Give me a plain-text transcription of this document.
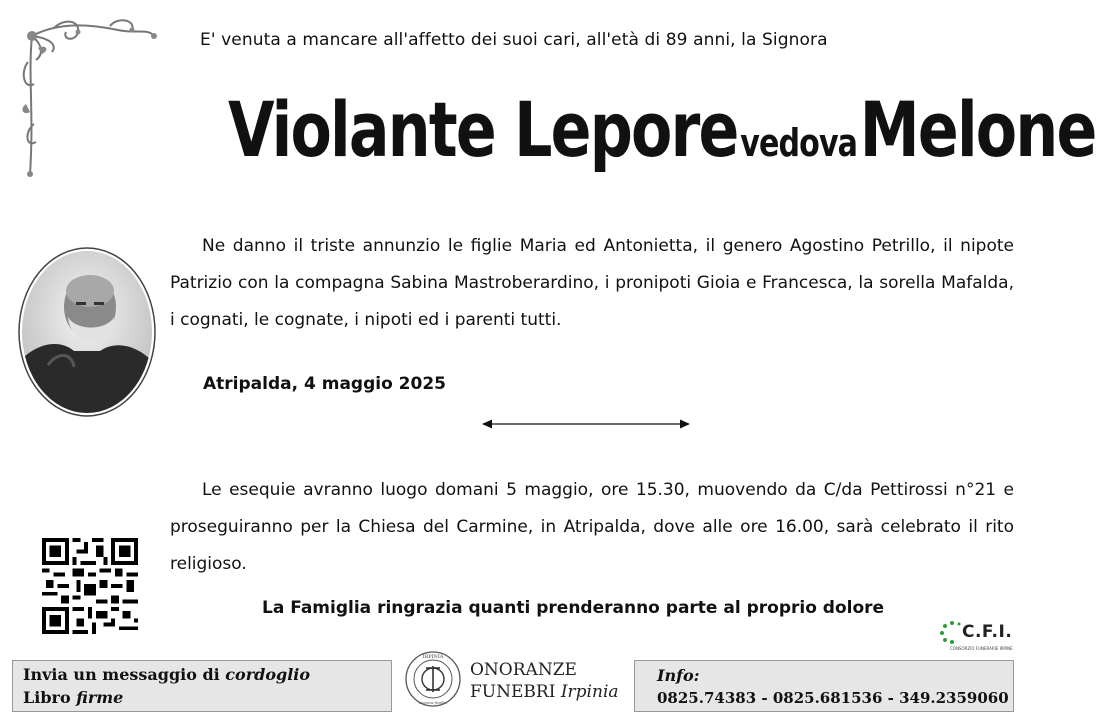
E' venuta a mancare all'affetto dei suoi cari, all'età di 89 anni, la Signora
Violante Lepore vedova Melone
Ne danno il triste annunzio le figlie Maria ed Antonietta, il genero Agostino Petrillo, il nipote Patrizio con la compagna Sabina Mastroberardino, i pronipoti Gioia e Francesca, la sorella Mafalda, i cognati, le cognate, i nipoti ed i parenti tutti.
Atripalda, 4 maggio 2025
Le esequie avranno luogo domani 5 maggio, ore 15.30, muovendo da C/da Pettirossi n°21 e proseguiranno per la Chiesa del Carmine, in Atripalda, dove alle ore 16.00, sarà celebrato il rito religioso.
La Famiglia ringrazia quanti prenderanno parte al proprio dolore
C.F.I.
CONSORZIO FUNERARIE IRPINE
Invia un messaggio di cordoglio
Libro firme
IRPINIA
onoranze funebri
ONORANZE
FUNEBRI Irpinia
Info:
0825.74383 - 0825.681536 - 349.2359060
